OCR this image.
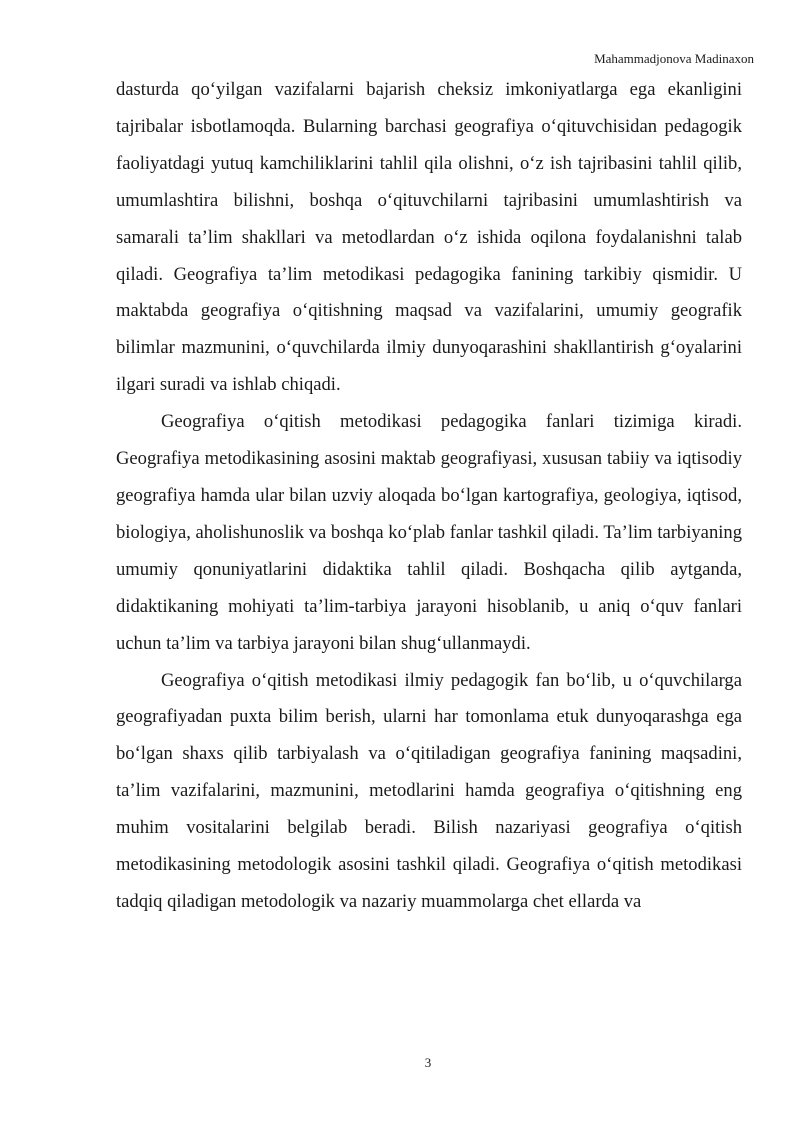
Mahammadjonova Madinaxon

dasturda qo‘yilgan vazifalarni bajarish cheksiz imkoniyatlarga ega ekanligini tajribalar isbotlamoqda. Bularning barchasi geografiya o‘qituvchisidan pedagogik faoliyatdagi yutuq kamchiliklarini tahlil qila olishni, o‘z ish tajribasini tahlil qilib, umumlashtira bilishni, boshqa o‘qituvchilarni tajribasini umumlashtirish va samarali ta’lim shakllari va metodlardan o‘z ishida oqilona foydalanishni talab qiladi. Geografiya ta’lim metodikasi pedagogika fanining tarkibiy qismidir. U maktabda geografiya o‘qitishning maqsad va vazifalarini, umumiy geografik bilimlar mazmunini, o‘quvchilarda ilmiy dunyoqarashini shakllantirish g‘oyalarini ilgari suradi va ishlab chiqadi.

Geografiya o‘qitish metodikasi pedagogika fanlari tizimiga kiradi. Geografiya metodikasining asosini maktab geografiyasi, xususan tabiiy va iqtisodiy geografiya hamda ular bilan uzviy aloqada bo‘lgan kartografiya, geologiya, iqtisod, biologiya, aholishunoslik va boshqa ko‘plab fanlar tashkil qiladi. Ta’lim tarbiyaning umumiy qonuniyatlarini didaktika tahlil qiladi. Boshqacha qilib aytganda, didaktikaning mohiyati ta’lim-tarbiya jarayoni hisoblanib, u aniq o‘quv fanlari uchun ta’lim va tarbiya jarayoni bilan shug‘ullanmaydi.

Geografiya o‘qitish metodikasi ilmiy pedagogik fan bo‘lib, u o‘quvchilarga geografiyadan puxta bilim berish, ularni har tomonlama etuk dunyoqarashga ega bo‘lgan shaxs qilib tarbiyalash va o‘qitiladigan geografiya fanining maqsadini, ta’lim vazifalarini, mazmunini, metodlarini hamda geografiya o‘qitishning eng muhim vositalarini belgilab beradi. Bilish nazariyasi geografiya o‘qitish metodikasining metodologik asosini tashkil qiladi. Geografiya o‘qitish metodikasi tadqiq qiladigan metodologik va nazariy muammolarga chet ellarda va

3
